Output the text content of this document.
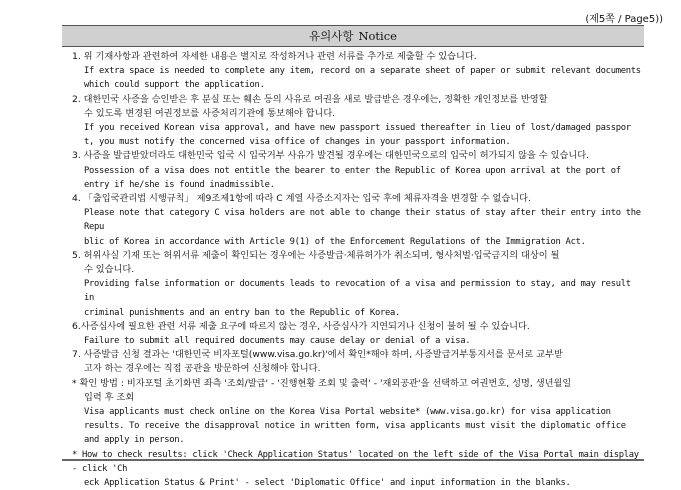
(제5쪽 / Page5))
유의사항 Notice

1. 위 기재사항과 관련하여 자세한 내용은 별지로 작성하거나 관련 서류를 추가로 제출할 수 있습니다.

If extra space is needed to complete any item, record on a separate sheet of paper or submit relevant documents

which could support the application.

2. 대한민국 사증을 승인받은 후 분실 또는 훼손 등의 사유로 여권을 새로 발급받은 경우에는, 정확한 개인정보를 반영할

수 있도록 변경된 여권정보를 사증처리기관에 통보해야 합니다.

If you received Korean visa approval, and have new passport issued thereafter in lieu of lost/damaged passpor

t, you must notify the concerned visa office of changes in your passport information.

3. 사증을 발급받았더라도 대한민국 입국 시 입국거부 사유가 발견될 경우에는 대한민국으로의 입국이 허가되지 않을 수 있습니다.

Possession of a visa does not entitle the bearer to enter the Republic of Korea upon arrival at the port of

entry if he/she is found inadmissible.

4. 「출입국관리법 시행규칙」 제9조제1항에 따라 C 계열 사증소지자는 입국 후에 체류자격을 변경할 수 없습니다.

Please note that category C visa holders are not able to change their status of stay after their entry into the Repu

blic of Korea in accordance with Article 9(1) of the Enforcement Regulations of the Immigration Act.

5. 허위사실 기재 또는 허위서류 제출이 확인되는 경우에는 사증발급·체류허가가 취소되며, 형사처벌·입국금지의 대상이 될

수 있습니다.

Providing false information or documents leads to revocation of a visa and permission to stay, and may result in

criminal punishments and an entry ban to the Republic of Korea.

6.사증심사에 필요한 관련 서류 제출 요구에 따르지 않는 경우, 사증심사가 지연되거나 신청이 불허 될 수 있습니다.

Failure to submit all required documents may cause delay or denial of a visa.

7. 사증발급 신청 결과는 '대한민국 비자포털(www.visa.go.kr)'에서 확인*해야 하며, 사증발급거부통지서를 문서로 교부받

고자 하는 경우에는 직접 공관을 방문하여 신청해야 합니다.

* 확인 방법 : 비자포털 초기화면 좌측 '조회/발급' - '진행현황 조회 및 출력' - '재외공관'을 선택하고 여권번호, 성명, 생년월일

입력 후 조회

Visa applicants must check online on the Korea Visa Portal website* (www.visa.go.kr) for visa application

results. To receive the disapproval notice in written form, visa applicants must visit the diplomatic office

and apply in person.

* How to check results: click 'Check Application Status' located on the left side of the Visa Portal main display - click 'Ch

eck Application Status & Print' - select 'Diplomatic Office' and input information in the blanks.
